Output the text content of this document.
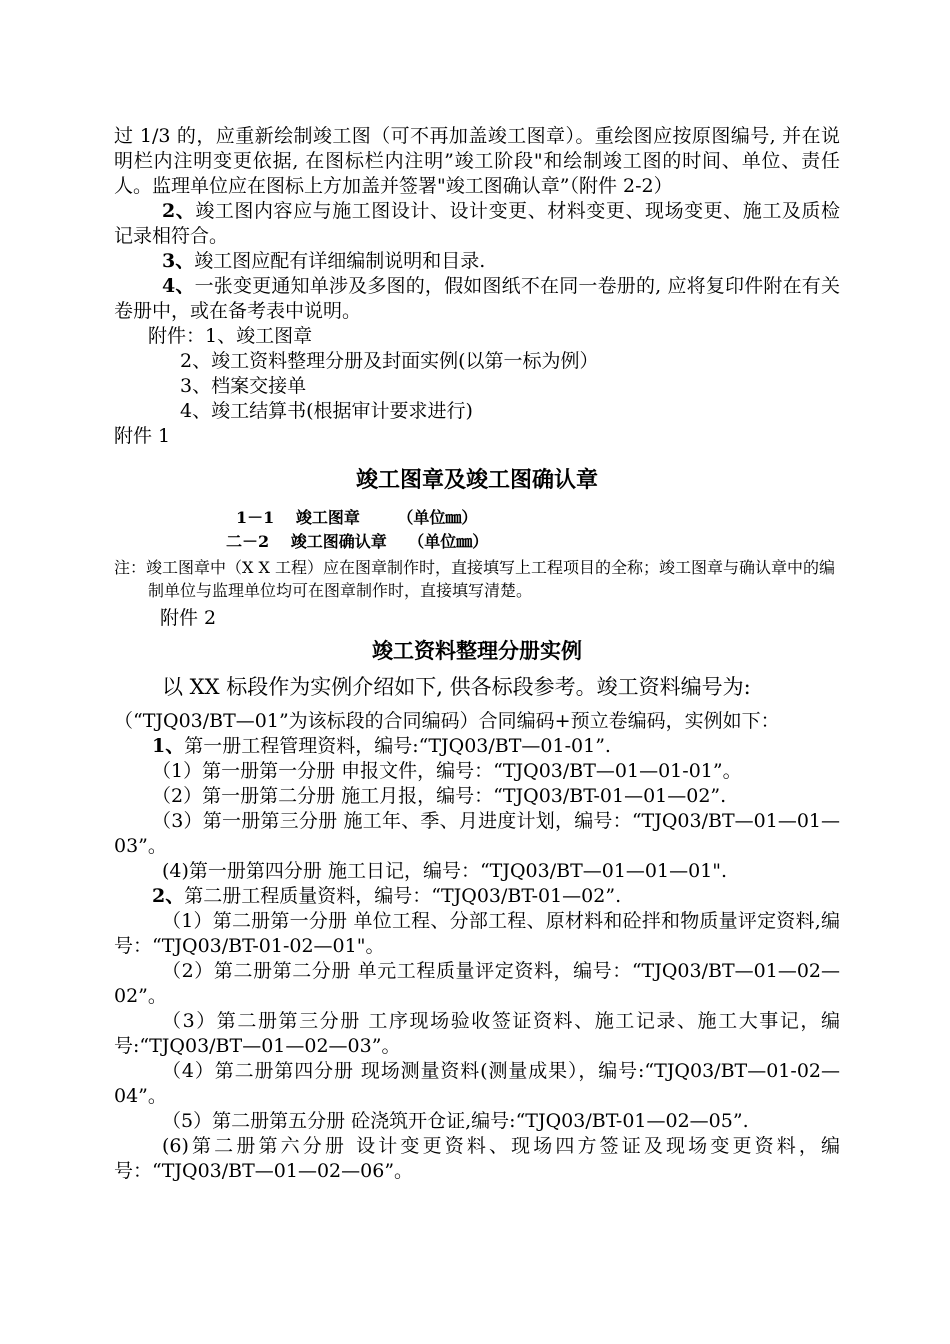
过 1/3 的，应重新绘制竣工图（可不再加盖竣工图章）。重绘图应按原图编号, 并在说明栏内注明变更依据, 在图标栏内注明”竣工阶段"和绘制竣工图的时间、单位、责任人。监理单位应在图标上方加盖并签署"竣工图确认章”（附件 2-2）

2、竣工图内容应与施工图设计、设计变更、材料变更、现场变更、施工及质检记录相符合。

3、竣工图应配有详细编制说明和目录.

4、一张变更通知单涉及多图的，假如图纸不在同一卷册的, 应将复印件附在有关卷册中，或在备考表中说明。

附件：1、竣工图章
2、竣工资料整理分册及封面实例(以第一标为例）
3、档案交接单
4、竣工结算书(根据审计要求进行)
附件 1

竣工图章及竣工图确认章

1－1　 竣工图章　　 （单位㎜）
二－2　 竣工图确认章　 （单位㎜）
注：竣工图章中（X X 工程）应在图章制作时，直接填写上工程项目的全称；竣工图章与确认章中的编制单位与监理单位均可在图章制作时，直接填写清楚。
附件 2

竣工资料整理分册实例

以 XX 标段作为实例介绍如下, 供各标段参考。竣工资料编号为:
（“TJQ03/BT—01”为该标段的合同编码）合同编码+预立卷编码，实例如下：

1、第一册工程管理资料，编号:“TJQ03/BT—01-01”.

（1）第一册第一分册 申报文件，编号：“TJQ03/BT—01—01-01”。

（2）第一册第二分册 施工月报，编号：“TJQ03/BT-01—01—02”.

（3）第一册第三分册 施工年、季、月进度计划，编号：“TJQ03/BT—01—01—03”。

(4)第一册第四分册 施工日记，编号：“TJQ03/BT—01—01—01".

2、第二册工程质量资料，编号：“TJQ03/BT-01—02”.

（1）第二册第一分册 单位工程、分部工程、原材料和砼拌和物质量评定资料,编号：“TJQ03/BT-01-02—01"。

（2）第二册第二分册 单元工程质量评定资料，编号：“TJQ03/BT—01—02—02”。

（3）第二册第三分册 工序现场验收签证资料、施工记录、施工大事记，编号:“TJQ03/BT—01—02—03”。

（4）第二册第四分册 现场测量资料(测量成果），编号:“TJQ03/BT—01-02—04”。

（5）第二册第五分册 砼浇筑开仓证,编号:“TJQ03/BT-01—02—05”.

(6)第二册第六分册 设计变更资料、现场四方签证及现场变更资料，编号：“TJQ03/BT—01—02—06”。
